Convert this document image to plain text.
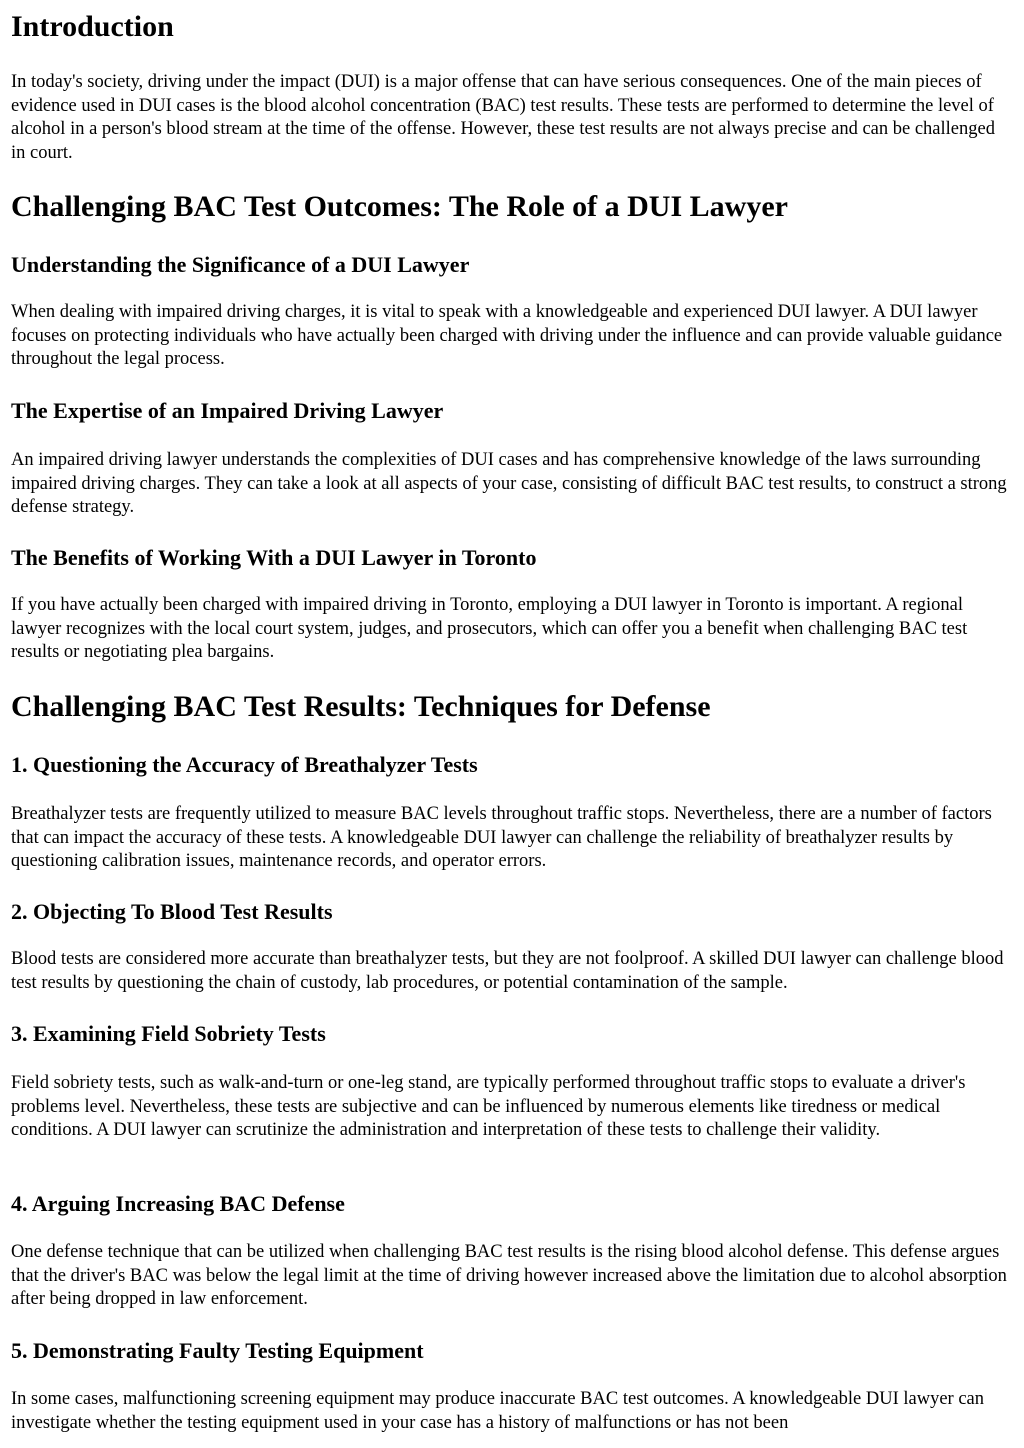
Introduction

In today's society, driving under the impact (DUI) is a major offense that can have serious consequences. One of the main pieces of evidence used in DUI cases is the blood alcohol concentration (BAC) test results. These tests are performed to determine the level of alcohol in a person's blood stream at the time of the offense. However, these test results are not always precise and can be challenged in court.

Challenging BAC Test Outcomes: The Role of a DUI Lawyer
Understanding the Significance of a DUI Lawyer

When dealing with impaired driving charges, it is vital to speak with a knowledgeable and experienced DUI lawyer. A DUI lawyer focuses on protecting individuals who have actually been charged with driving under the influence and can provide valuable guidance throughout the legal process.

The Expertise of an Impaired Driving Lawyer

An impaired driving lawyer understands the complexities of DUI cases and has comprehensive knowledge of the laws surrounding impaired driving charges. They can take a look at all aspects of your case, consisting of difficult BAC test results, to construct a strong defense strategy.

The Benefits of Working With a DUI Lawyer in Toronto

If you have actually been charged with impaired driving in Toronto, employing a DUI lawyer in Toronto is important. A regional lawyer recognizes with the local court system, judges, and prosecutors, which can offer you a benefit when challenging BAC test results or negotiating plea bargains.

Challenging BAC Test Results: Techniques for Defense
1. Questioning the Accuracy of Breathalyzer Tests

Breathalyzer tests are frequently utilized to measure BAC levels throughout traffic stops. Nevertheless, there are a number of factors that can impact the accuracy of these tests. A knowledgeable DUI lawyer can challenge the reliability of breathalyzer results by questioning calibration issues, maintenance records, and operator errors.

2. Objecting To Blood Test Results

Blood tests are considered more accurate than breathalyzer tests, but they are not foolproof. A skilled DUI lawyer can challenge blood test results by questioning the chain of custody, lab procedures, or potential contamination of the sample.

3. Examining Field Sobriety Tests

Field sobriety tests, such as walk-and-turn or one-leg stand, are typically performed throughout traffic stops to evaluate a driver's problems level. Nevertheless, these tests are subjective and can be influenced by numerous elements like tiredness or medical conditions. A DUI lawyer can scrutinize the administration and interpretation of these tests to challenge their validity.

4. Arguing Increasing BAC Defense

One defense technique that can be utilized when challenging BAC test results is the rising blood alcohol defense. This defense argues that the driver's BAC was below the legal limit at the time of driving however increased above the limitation due to alcohol absorption after being dropped in law enforcement.

5. Demonstrating Faulty Testing Equipment

In some cases, malfunctioning screening equipment may produce inaccurate BAC test outcomes. A knowledgeable DUI lawyer can investigate whether the testing equipment used in your case has a history of malfunctions or has not been
